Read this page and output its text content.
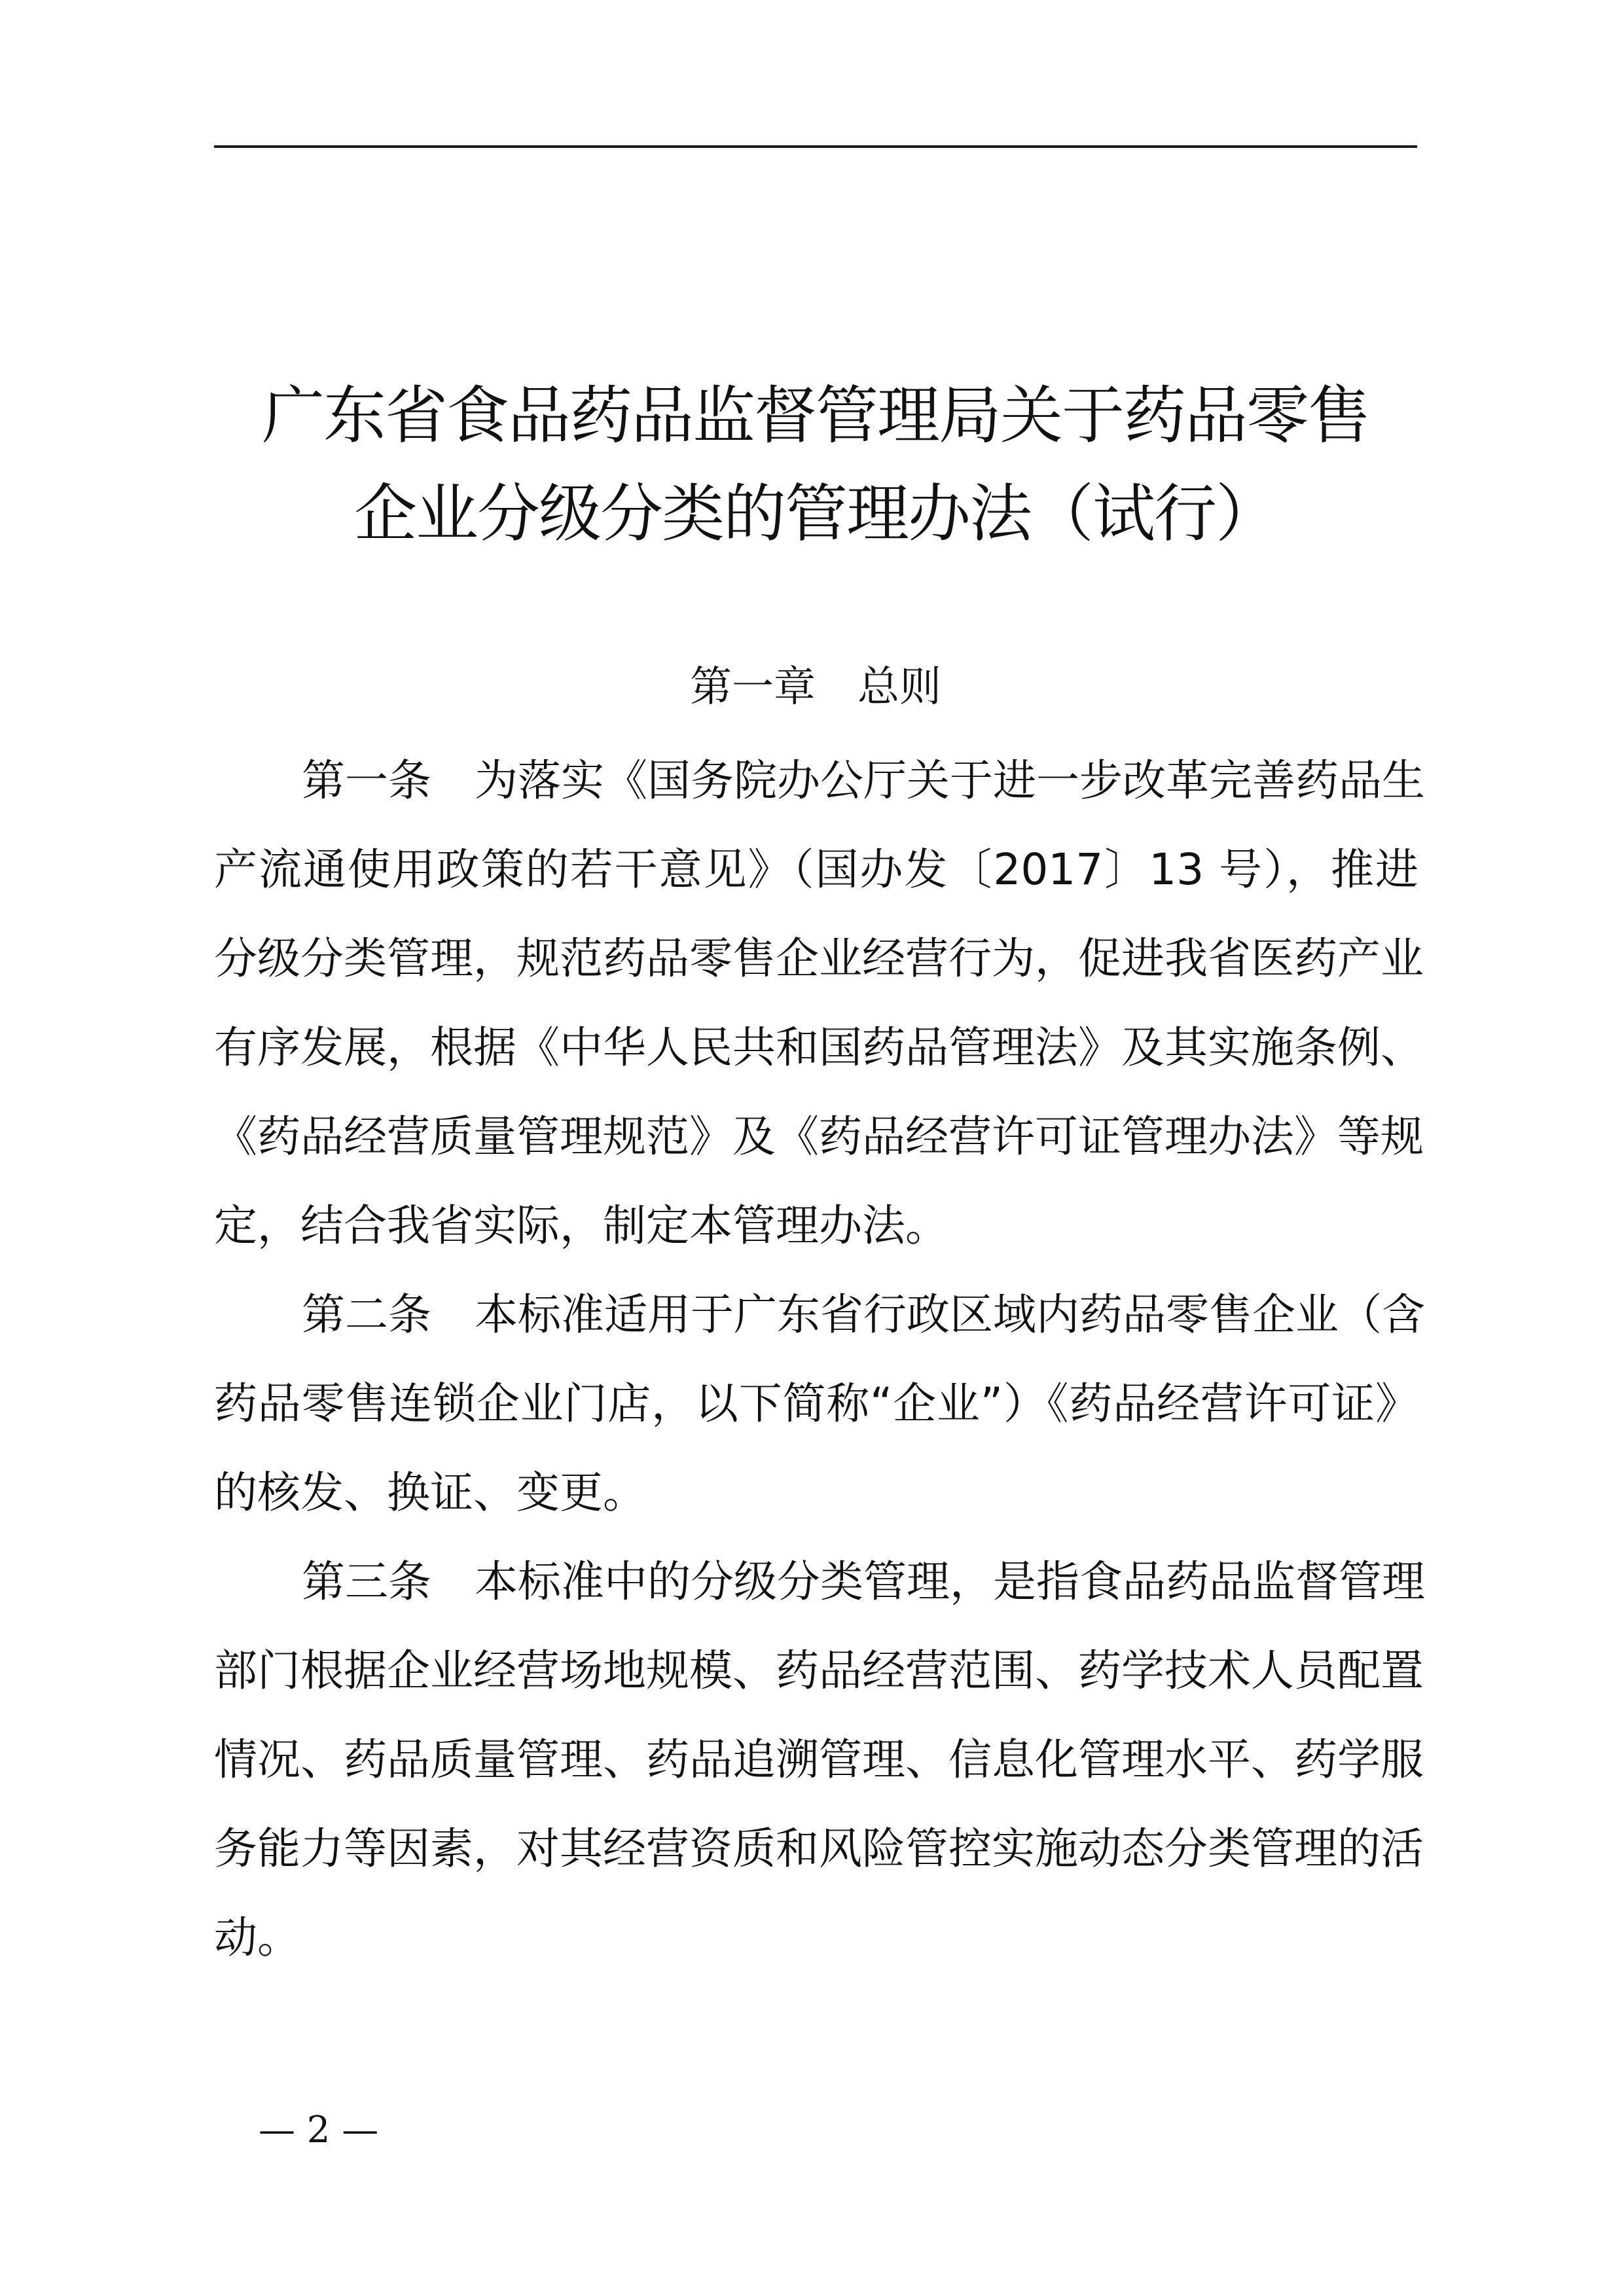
广东省食品药品监督管理局关于药品零售
企业分级分类的管理办法（试行）
第一章　总则
第一条　为落实《国务院办公厅关于进一步改革完善药品生
产流通使用政策的若干意见》（国办发〔2017〕13 号），推进
分级分类管理，规范药品零售企业经营行为，促进我省医药产业
有序发展，根据《中华人民共和国药品管理法》及其实施条例、
《药品经营质量管理规范》及《药品经营许可证管理办法》等规
定，结合我省实际，制定本管理办法。
第二条　本标准适用于广东省行政区域内药品零售企业（含
药品零售连锁企业门店，以下简称“企业”）《药品经营许可证》
的核发、换证、变更。
第三条　本标准中的分级分类管理，是指食品药品监督管理
部门根据企业经营场地规模、药品经营范围、药学技术人员配置
情况、药品质量管理、药品追溯管理、信息化管理水平、药学服
务能力等因素，对其经营资质和风险管控实施动态分类管理的活
动。
— 2 —
